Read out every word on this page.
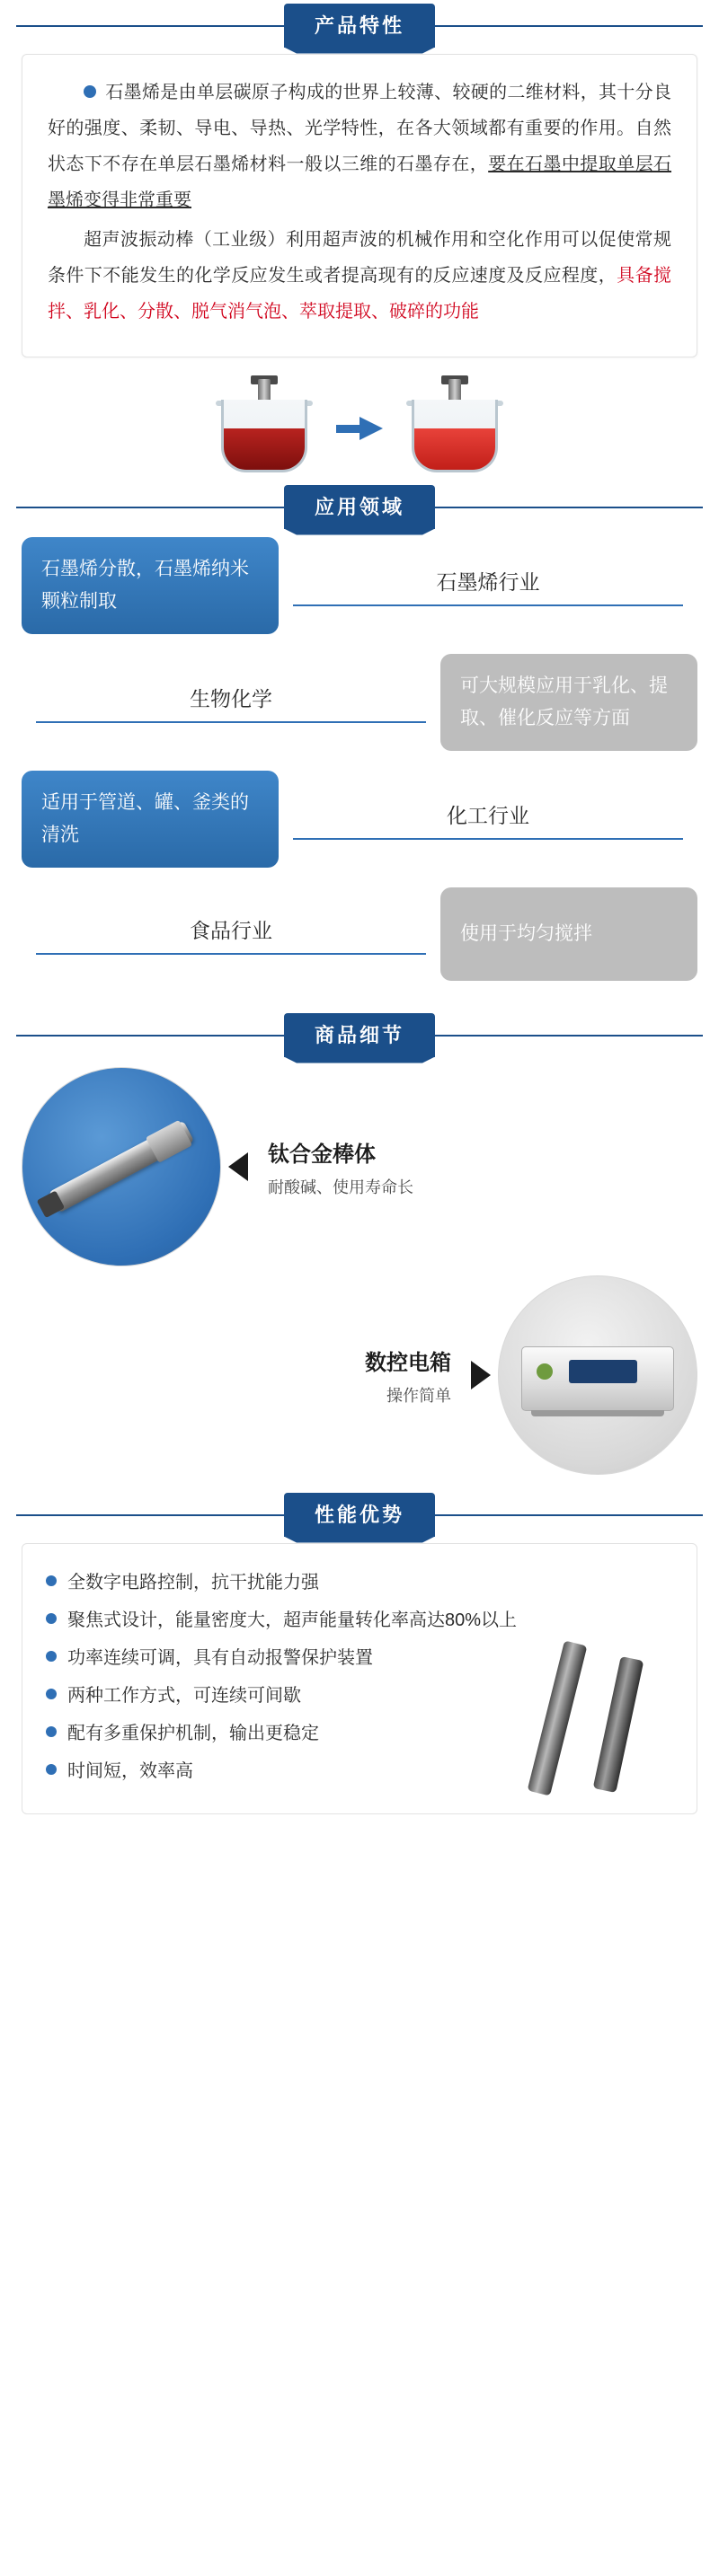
产品特性

石墨烯是由单层碳原子构成的世界上较薄、较硬的二维材料，其十分良好的强度、柔韧、导电、导热、光学特性，在各大领域都有重要的作用。自然状态下不存在单层石墨烯材料一般以三维的石墨存在，要在石墨中提取单层石墨烯变得非常重要

超声波振动棒（工业级）利用超声波的机械作用和空化作用可以促使常规条件下不能发生的化学反应发生或者提高现有的反应速度及反应程度，具备搅拌、乳化、分散、脱气消气泡、萃取提取、破碎的功能

应用领域
石墨烯分散，石墨烯纳米颗粒制取
石墨烯行业
可大规模应用于乳化、提取、催化反应等方面
生物化学
适用于管道、罐、釜类的清洗
化工行业
使用于均匀搅拌
食品行业
商品细节
钛合金棒体
耐酸碱、使用寿命长
数控电箱
操作简单
性能优势
全数字电路控制，抗干扰能力强
聚焦式设计，能量密度大，超声能量转化率高达80%以上
功率连续可调，具有自动报警保护装置
两种工作方式，可连续可间歇
配有多重保护机制，输出更稳定
时间短，效率高
